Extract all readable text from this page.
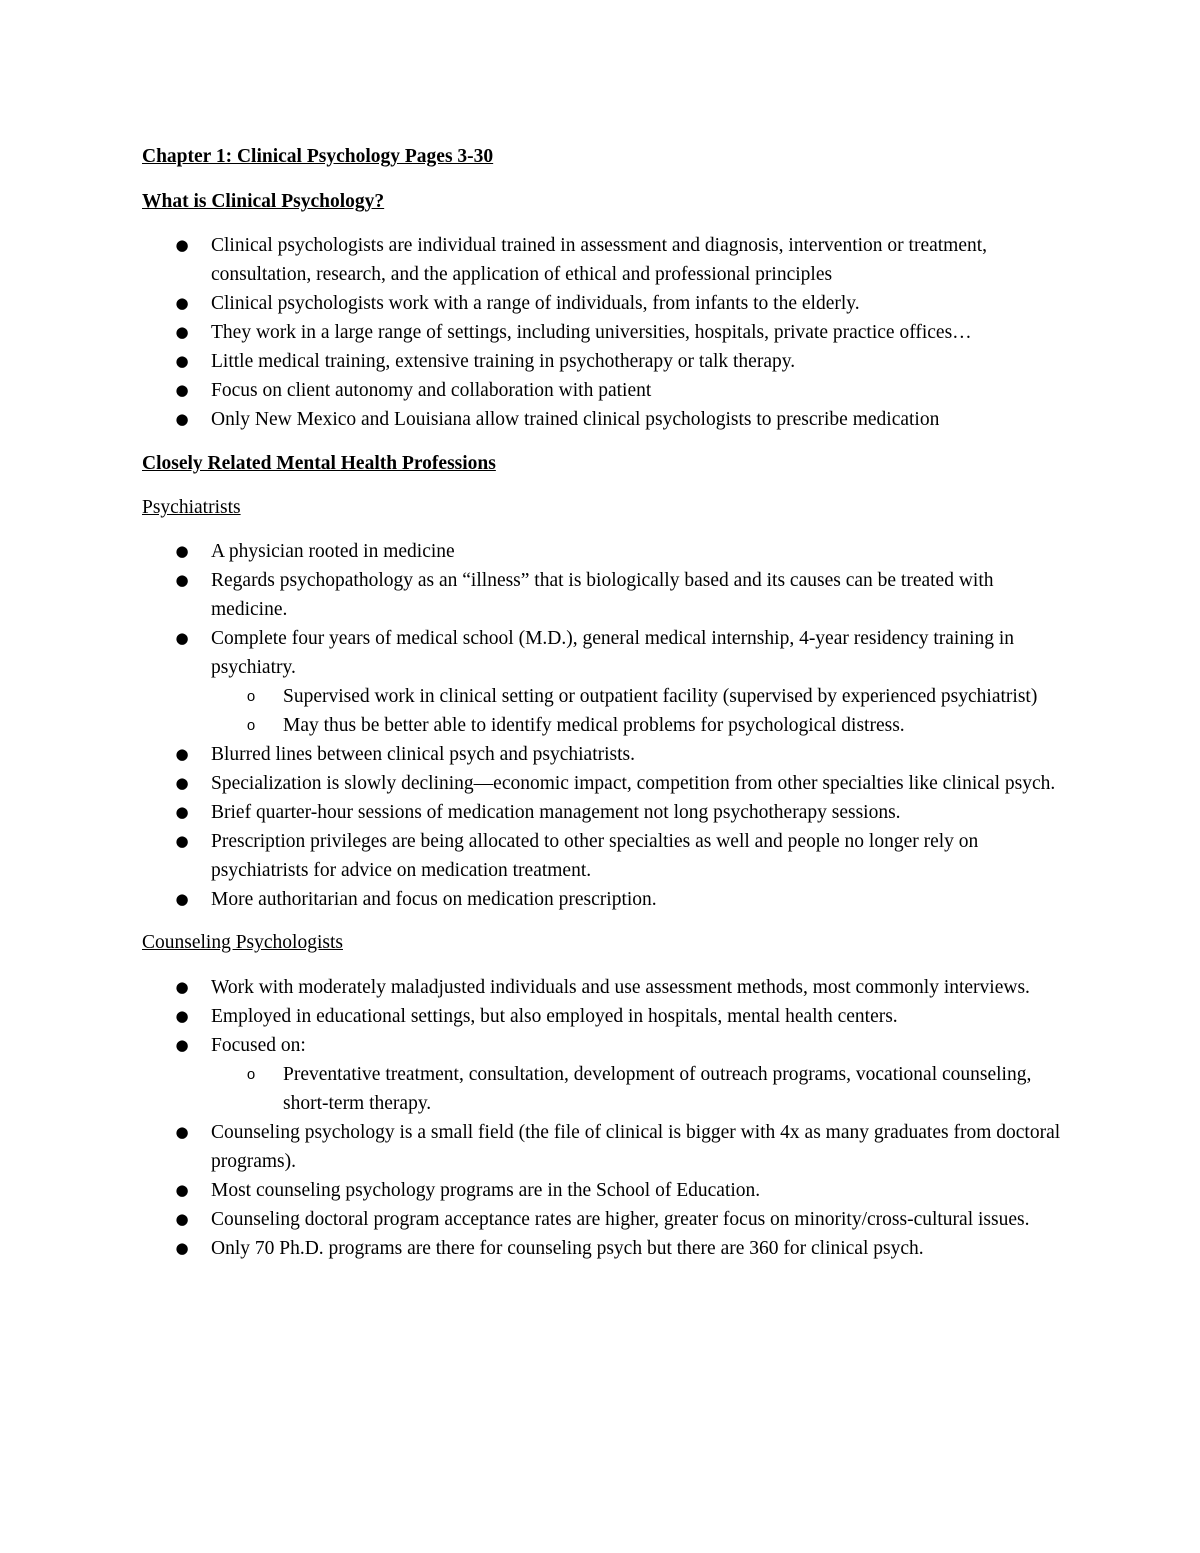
Chapter 1: Clinical Psychology Pages 3-30

What is Clinical Psychology?

● Clinical psychologists are individual trained in assessment and diagnosis, intervention or treatment, consultation, research, and the application of ethical and professional principles
● Clinical psychologists work with a range of individuals, from infants to the elderly.
● They work in a large range of settings, including universities, hospitals, private practice offices…
● Little medical training, extensive training in psychotherapy or talk therapy.
● Focus on client autonomy and collaboration with patient
● Only New Mexico and Louisiana allow trained clinical psychologists to prescribe medication

Closely Related Mental Health Professions

Psychiatrists

● A physician rooted in medicine
● Regards psychopathology as an “illness” that is biologically based and its causes can be treated with medicine.
● Complete four years of medical school (M.D.), general medical internship, 4-year residency training in psychiatry.
o Supervised work in clinical setting or outpatient facility (supervised by experienced psychiatrist)
o May thus be better able to identify medical problems for psychological distress.
● Blurred lines between clinical psych and psychiatrists.
● Specialization is slowly declining—economic impact, competition from other specialties like clinical psych.
● Brief quarter-hour sessions of medication management not long psychotherapy sessions.
● Prescription privileges are being allocated to other specialties as well and people no longer rely on psychiatrists for advice on medication treatment.
● More authoritarian and focus on medication prescription.

Counseling Psychologists

● Work with moderately maladjusted individuals and use assessment methods, most commonly interviews.
● Employed in educational settings, but also employed in hospitals, mental health centers.
● Focused on:
o Preventative treatment, consultation, development of outreach programs, vocational counseling, short-term therapy.
● Counseling psychology is a small field (the file of clinical is bigger with 4x as many graduates from doctoral programs).
● Most counseling psychology programs are in the School of Education.
● Counseling doctoral program acceptance rates are higher, greater focus on minority/cross-cultural issues.
● Only 70 Ph.D. programs are there for counseling psych but there are 360 for clinical psych.
